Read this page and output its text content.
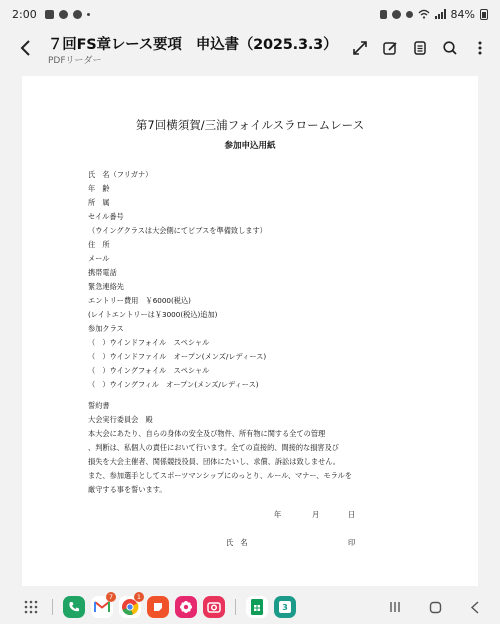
2:00	84%
７回FS章レース要項　申込書（2025.3.3）
PDFリーダー
第7回横須賀/三浦フォイルスラロームレース
参加申込用紙
氏　名（フリガナ）
年　齢
所　属
セイル番号
（ウイングクラスは大会側にてビブスを準備致します）
住　所
メール
携帯電話
緊急連絡先
エントリー費用　￥6000(税込)
(レイトエントリーは￥3000(税込)追加)
参加クラス
（　）ウインドフォイル　スペシャル
（　）ウインドファイル　オープン(メンズ/レディース)
（　）ウイングフォイル　スペシャル
（　）ウイングフィル　オープン(メンズ/レディース)
誓約書
大会実行委員会　殿
本大会にあたり、自らの身体の安全及び物件、所有物に関する全ての管理
、判断は、私個人の責任において行います。全ての直接的、間接的な損害及び
損失を大会主催者、関係競技役員、団体にたいし、求償、訴訟は致しません。
また、参加選手としてスポーツマンシップにのっとり、ルール、マナー、モラルを
厳守する事を誓います。
年	月	日
氏　名	印
7	1
3
